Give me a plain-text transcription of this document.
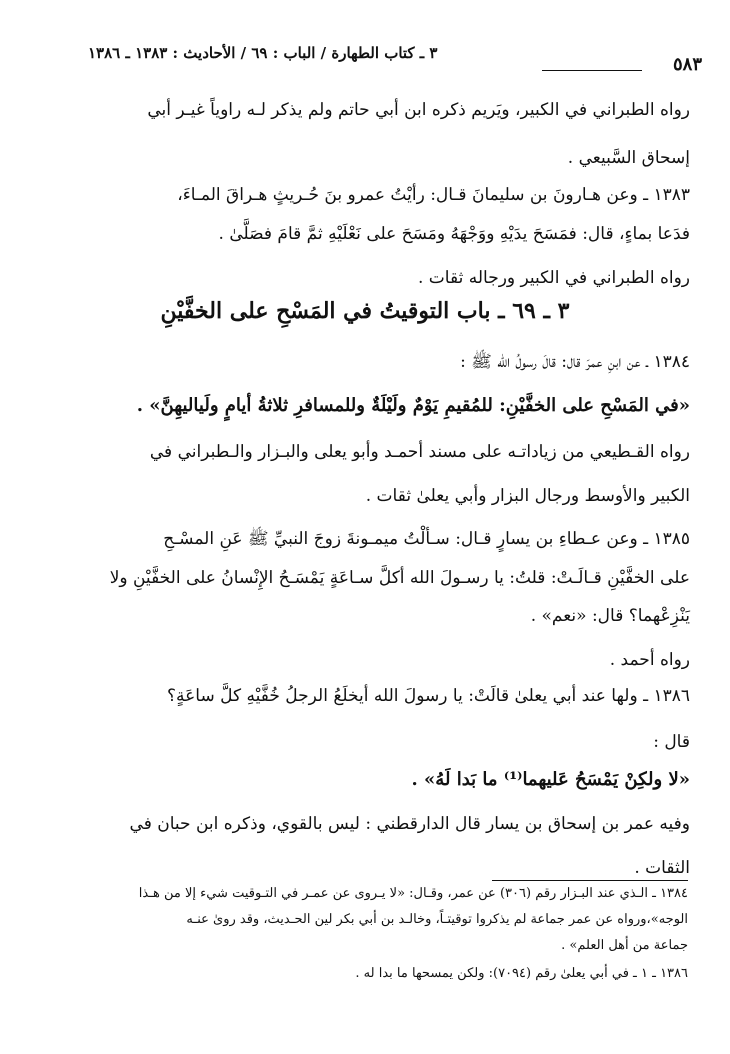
٥٨٣
٣ ـ كتاب الطهارة / الباب : ٦٩ / الأحاديث : ١٣٨٣ ـ ١٣٨٦
رواه الطبراني في الكبير، ويَريم ذكره ابن أبي حاتم ولم يذكر لـه راوياً غيـر أبي
إسحاق السَّبيعي .
١٣٨٣ ـ وعن هـارونَ بن سليمانَ قـال: رأيْتُ عمرو بنَ حُـريثٍ هـراقَ المـاءَ،
فدَعا بماءٍ، قال: فمَسَحَ يدَيْهِ ووَجْهَهُ ومَسَحَ على نَعْلَيْهِ ثمَّ قامَ فصَلَّىٰ .
رواه الطبراني في الكبير ورجاله ثقات .
٣ ـ ٦٩ ـ باب التوقيتُ في المَسْحِ على الخفَّيْنِ
١٣٨٤ ـ عن ابنِ عمرَ قال: قالَ رسولُ الله ﷺ :
«في المَسْحِ على الخفَّيْنِ: للمُقيمِ يَوْمٌ ولَيْلَةٌ وللمسافرِ ثلاثةُ أيامٍ ولَياليهِنَّ» .
رواه القـطيعي من زياداتـه على مسند أحمـد وأبو يعلى والبـزار والـطبراني في
الكبير والأوسط ورجال البزار وأبي يعلىٰ ثقات .
١٣٨٥ ـ وعن عـطاءِ بن يسارٍ قـال: سـألْتُ ميمـونةَ زوجَ النبيِّ ﷺ عَنِ المسْـحِ
على الخفَّيْنِ قـالَـتْ: قلتُ: يا رسـولَ الله أكلَّ سـاعَةٍ يَمْسَـحُ الإِنْسانُ على الخفَّيْنِ ولا
يَنْزِعْهما؟ قال: «نعم» .
رواه أحمد .
١٣٨٦ ـ ولها عند أبي يعلىٰ قالَتْ: يا رسولَ الله أيخلَعُ الرجلُ خُفَّيْهِ كلَّ ساعَةٍ؟
قال :
«لا ولكِنْ يَمْسَحُ عَليهما⁽¹⁾ ما بَدا لَهُ» .
وفيه عمر بن إسحاق بن يسار قال الدارقطني : ليس بالقوي، وذكره ابن حبان في
الثقات .
١٣٨٤ ـ الـذي عند البـزار رقم (٣٠٦) عن عمر، وقـال: «لا يـروى عن عمـر في التـوقيت شيء إلا من هـذا
الوجه»،ورواه عن عمر جماعة لم يذكروا توقيتـاً، وخالـد بن أبي بكر لين الحـديث، وقد روىٰ عنـه
جماعة من أهل العلم» .
١٣٨٦ ـ ١ ـ في أبي يعلىٰ رقم (٧٠٩٤): ولكن يمسحها ما بدا له .
